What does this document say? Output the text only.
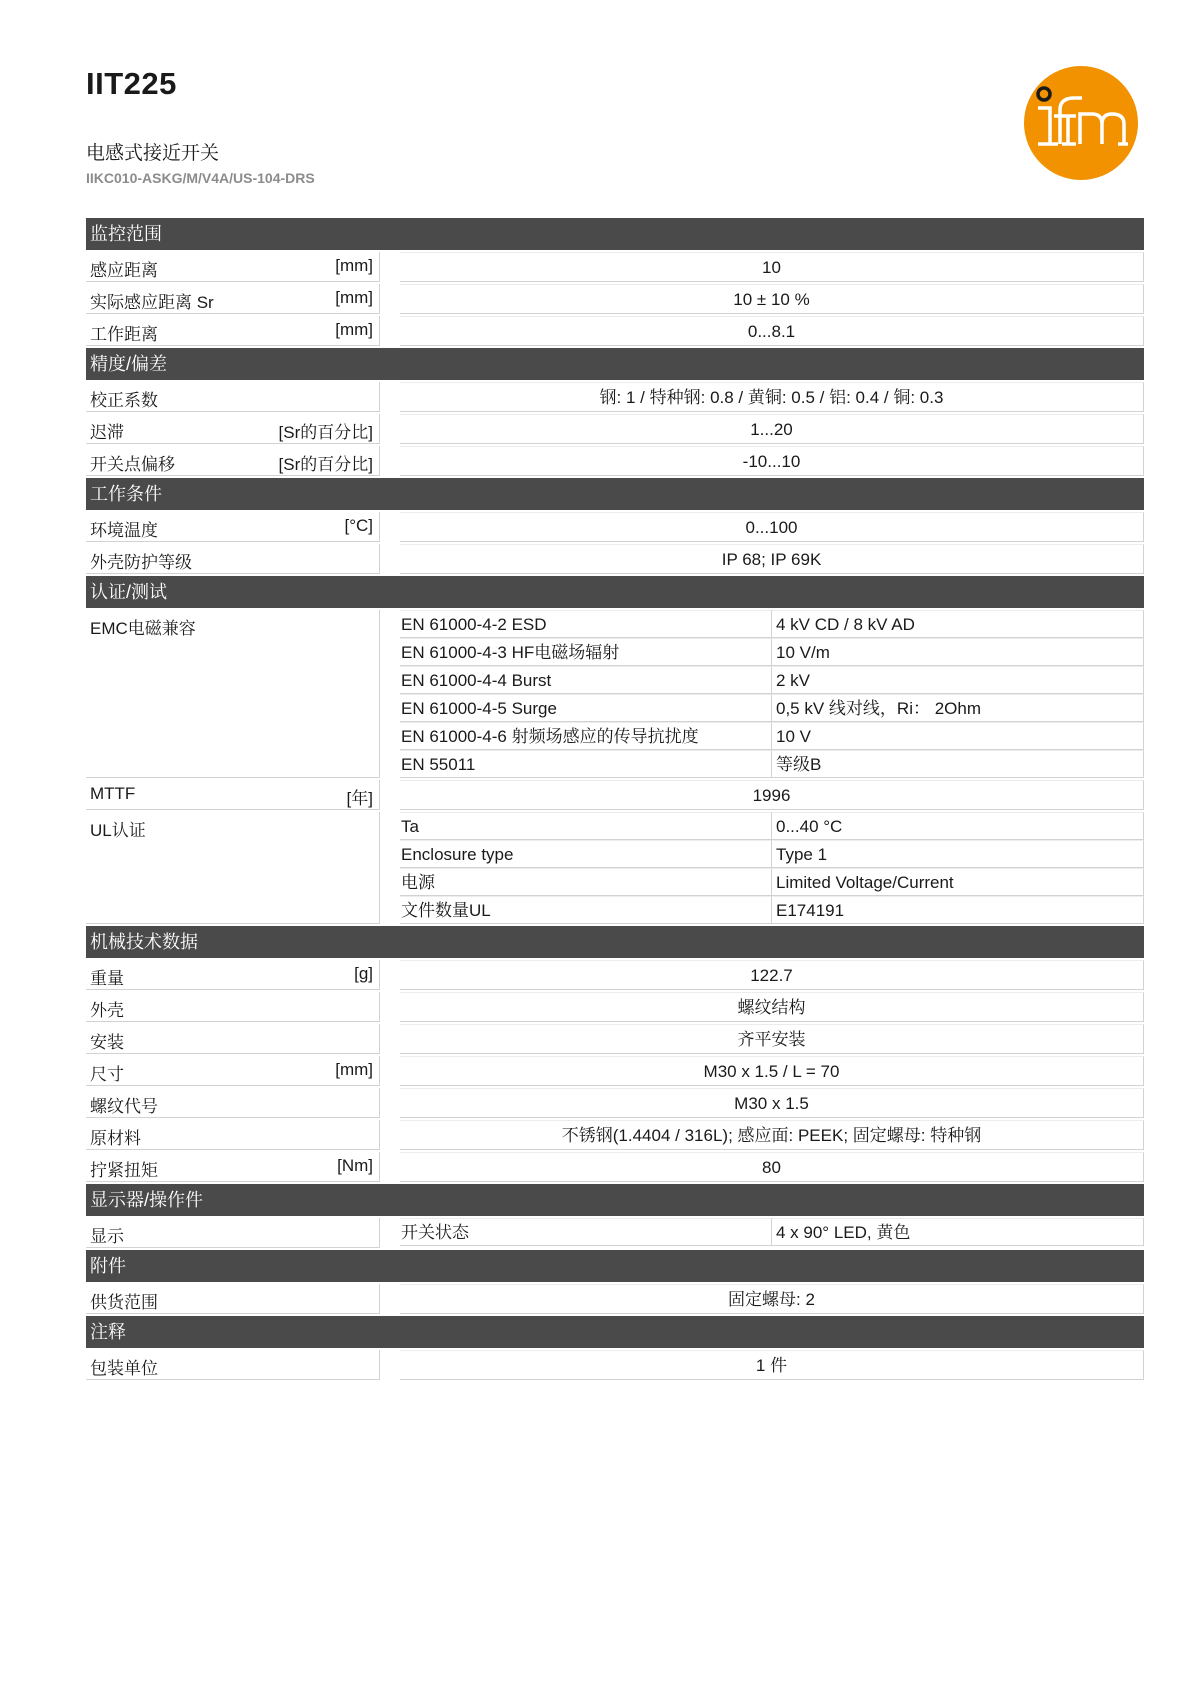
IIT225
电感式接近开关
IIKC010-ASKG/M/V4A/US-104-DRS
监控范围
感应距离	[mm]	10
实际感应距离 Sr	[mm]	10 ± 10 %
工作距离	[mm]	0...8.1
精度/偏差
校正系数	钢: 1 / 特种钢: 0.8 / 黄铜: 0.5 / 铝: 0.4 / 铜: 0.3
迟滞	[Sr的百分比]	1...20
开关点偏移	[Sr的百分比]	-10...10
工作条件
环境温度	[°C]	0...100
外壳防护等级	IP 68; IP 69K
认证/测试
EMC电磁兼容	EN 61000-4-2 ESD	4 kV CD / 8 kV AD
EN 61000-4-3 HF电磁场辐射	10 V/m
EN 61000-4-4 Burst	2 kV
EN 61000-4-5 Surge	0,5 kV 线对线，Ri： 2Ohm
EN 61000-4-6 射频场感应的传导抗扰度	10 V
EN 55011	等级B
MTTF	[年]	1996
UL认证	Ta	0...40 °C
Enclosure type	Type 1
电源	Limited Voltage/Current
文件数量UL	E174191
机械技术数据
重量	[g]	122.7
外壳	螺纹结构
安装	齐平安装
尺寸	[mm]	M30 x 1.5 / L = 70
螺纹代号	M30 x 1.5
原材料	不锈钢(1.4404 / 316L); 感应面: PEEK; 固定螺母: 特种钢
拧紧扭矩	[Nm]	80
显示器/操作件
显示	开关状态	4 x 90° LED, 黄色
附件
供货范围	固定螺母: 2
注释
包装单位	1 件
